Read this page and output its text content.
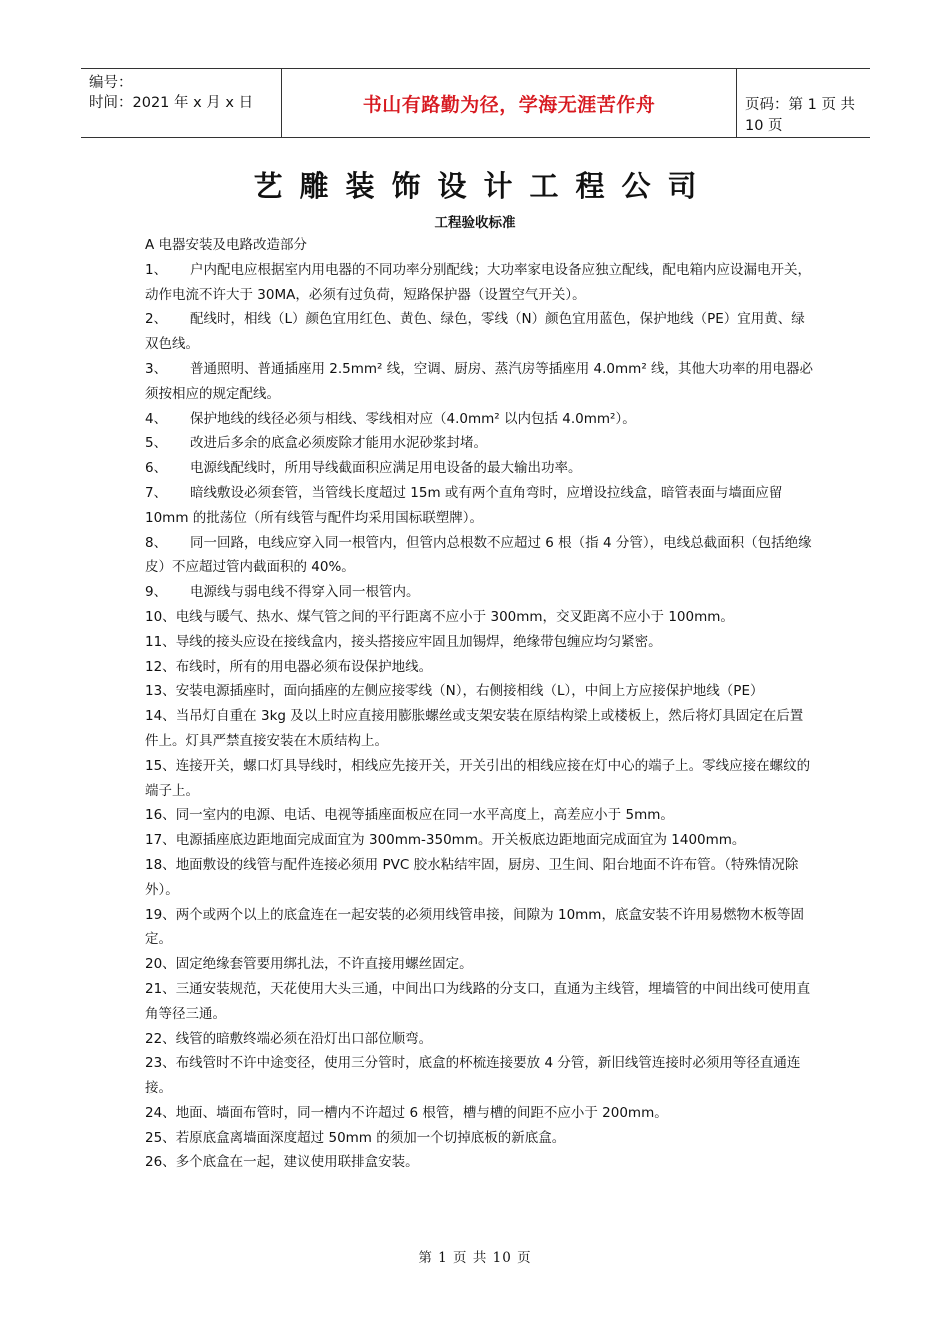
编号：
时间：2021 年 x 月 x 日	书山有路勤为径，学海无涯苦作舟	页码：第 1 页 共 10 页
艺雕装饰设计工程公司
工程验收标准

A 电器安装及电路改造部分

1、 户内配电应根据室内用电器的不同功率分别配线；大功率家电设备应独立配线，配电箱内应设漏电开关，动作电流不许大于 30MA，必须有过负荷，短路保护器（设置空气开关）。

2、 配线时，相线（L）颜色宜用红色、黄色、绿色，零线（N）颜色宜用蓝色，保护地线（PE）宜用黄、绿双色线。

3、 普通照明、普通插座用 2.5mm² 线，空调、厨房、蒸汽房等插座用 4.0mm² 线，其他大功率的用电器必须按相应的规定配线。

4、 保护地线的线径必须与相线、零线相对应（4.0mm² 以内包括 4.0mm²）。

5、 改进后多余的底盒必须废除才能用水泥砂浆封堵。

6、 电源线配线时，所用导线截面积应满足用电设备的最大输出功率。

7、 暗线敷设必须套管，当管线长度超过 15m 或有两个直角弯时，应增设拉线盒，暗管表面与墙面应留 10mm 的批荡位（所有线管与配件均采用国标联塑牌）。

8、 同一回路，电线应穿入同一根管内，但管内总根数不应超过 6 根（指 4 分管），电线总截面积（包括绝缘皮）不应超过管内截面积的 40%。

9、 电源线与弱电线不得穿入同一根管内。

10、电线与暖气、热水、煤气管之间的平行距离不应小于 300mm，交叉距离不应小于 100mm。

11、导线的接头应设在接线盒内，接头搭接应牢固且加锡焊，绝缘带包缠应均匀紧密。

12、布线时，所有的用电器必须布设保护地线。

13、安装电源插座时，面向插座的左侧应接零线（N），右侧接相线（L），中间上方应接保护地线（PE）

14、当吊灯自重在 3kg 及以上时应直接用膨胀螺丝或支架安装在原结构梁上或楼板上，然后将灯具固定在后置件上。灯具严禁直接安装在木质结构上。

15、连接开关，螺口灯具导线时，相线应先接开关，开关引出的相线应接在灯中心的端子上。零线应接在螺纹的端子上。

16、同一室内的电源、电话、电视等插座面板应在同一水平高度上，高差应小于 5mm。

17、电源插座底边距地面完成面宜为 300mm-350mm。开关板底边距地面完成面宜为 1400mm。

18、地面敷设的线管与配件连接必须用 PVC 胶水粘结牢固，厨房、卫生间、阳台地面不许布管。（特殊情况除外）。

19、两个或两个以上的底盒连在一起安装的必须用线管串接，间隙为 10mm，底盒安装不许用易燃物木板等固定。

20、固定绝缘套管要用绑扎法，不许直接用螺丝固定。

21、三通安装规范，天花使用大头三通，中间出口为线路的分支口，直通为主线管，埋墙管的中间出线可使用直角等径三通。

22、线管的暗敷终端必须在沿灯出口部位顺弯。

23、布线管时不许中途变径，使用三分管时，底盒的杯梳连接要放 4 分管，新旧线管连接时必须用等径直通连接。

24、地面、墙面布管时，同一槽内不许超过 6 根管，槽与槽的间距不应小于 200mm。

25、若原底盒离墙面深度超过 50mm 的须加一个切掉底板的新底盒。

26、多个底盒在一起，建议使用联排盒安装。

第 1 页 共 10 页
